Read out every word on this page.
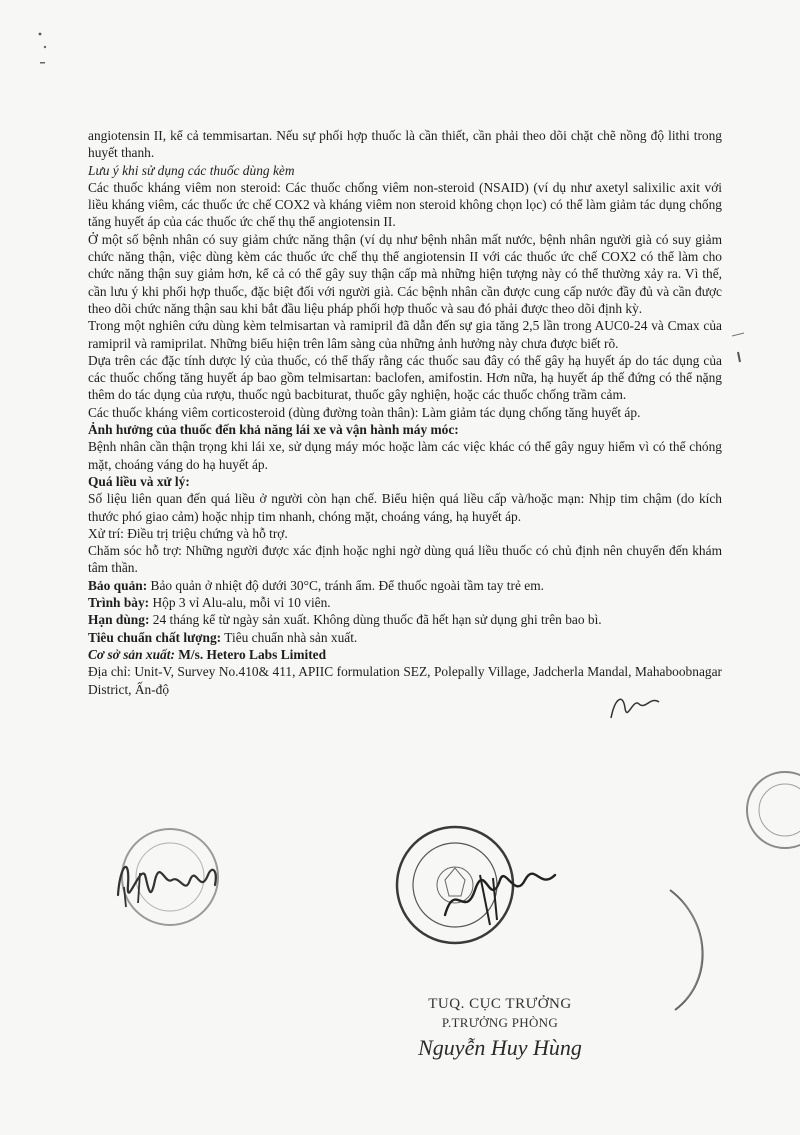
angiotensin II, kể cả temmisartan. Nếu sự phối hợp thuốc là cần thiết, cần phải theo dõi chặt chẽ nồng độ lithi trong huyết thanh.

Lưu ý khi sử dụng các thuốc dùng kèm

Các thuốc kháng viêm non steroid: Các thuốc chống viêm non-steroid (NSAID) (ví dụ như axetyl salixilic axit với liều kháng viêm, các thuốc ức chế COX2 và kháng viêm non steroid không chọn lọc) có thể làm giảm tác dụng chống tăng huyết áp của các thuốc ức chế thụ thể angiotensin II.

Ở một số bệnh nhân có suy giảm chức năng thận (ví dụ như bệnh nhân mất nước, bệnh nhân người già có suy giảm chức năng thận, việc dùng kèm các thuốc ức chế thụ thể angiotensin II với các thuốc ức chế COX2 có thể làm cho chức năng thận suy giảm hơn, kể cả có thể gây suy thận cấp mà những hiện tượng này có thể thường xảy ra. Vì thế, cần lưu ý khi phối hợp thuốc, đặc biệt đối với người già. Các bệnh nhân cần được cung cấp nước đầy đủ và cần được theo dõi chức năng thận sau khi bắt đầu liệu pháp phối hợp thuốc và sau đó phải được theo dõi định kỳ.

Trong một nghiên cứu dùng kèm telmisartan và ramipril đã dẫn đến sự gia tăng 2,5 lần trong AUC0-24 và Cmax của ramipril và ramiprilat. Những biểu hiện trên lâm sàng của những ảnh hưởng này chưa được biết rõ.

Dựa trên các đặc tính dược lý của thuốc, có thể thấy rằng các thuốc sau đây có thể gây hạ huyết áp do tác dụng của các thuốc chống tăng huyết áp bao gồm telmisartan: baclofen, amifostin. Hơn nữa, hạ huyết áp thế đứng có thể nặng thêm do tác dụng của rượu, thuốc ngủ bacbiturat, thuốc gây nghiện, hoặc các thuốc chống trầm cảm.

Các thuốc kháng viêm corticosteroid (dùng đường toàn thân): Làm giảm tác dụng chống tăng huyết áp.

Ảnh hưởng của thuốc đến khả năng lái xe và vận hành máy móc:

Bệnh nhân cần thận trọng khi lái xe, sử dụng máy móc hoặc làm các việc khác có thể gây nguy hiểm vì có thể chóng mặt, choáng váng do hạ huyết áp.

Quá liều và xử lý:

Số liệu liên quan đến quá liều ở người còn hạn chế. Biểu hiện quá liều cấp và/hoặc mạn: Nhịp tim chậm (do kích thước phó giao cảm) hoặc nhịp tim nhanh, chóng mặt, choáng váng, hạ huyết áp.

Xử trí: Điều trị triệu chứng và hỗ trợ.

Chăm sóc hỗ trợ: Những người được xác định hoặc nghi ngờ dùng quá liều thuốc có chủ định nên chuyển đến khám tâm thần.

Bảo quản: Bảo quản ở nhiệt độ dưới 30°C, tránh ẩm. Để thuốc ngoài tầm tay trẻ em.

Trình bày: Hộp 3 vỉ Alu-alu, mỗi vỉ 10 viên.

Hạn dùng: 24 tháng kể từ ngày sản xuất. Không dùng thuốc đã hết hạn sử dụng ghi trên bao bì.

Tiêu chuẩn chất lượng: Tiêu chuẩn nhà sản xuất.

Cơ sở sản xuất: M/s. Hetero Labs Limited

Địa chỉ: Unit-V, Survey No.410& 411, APIIC formulation SEZ, Polepally Village, Jadcherla Mandal, Mahaboobnagar District, Ấn-độ

TUQ. CỤC TRƯỞNG
P.TRƯỞNG PHÒNG
Nguyễn Huy Hùng
